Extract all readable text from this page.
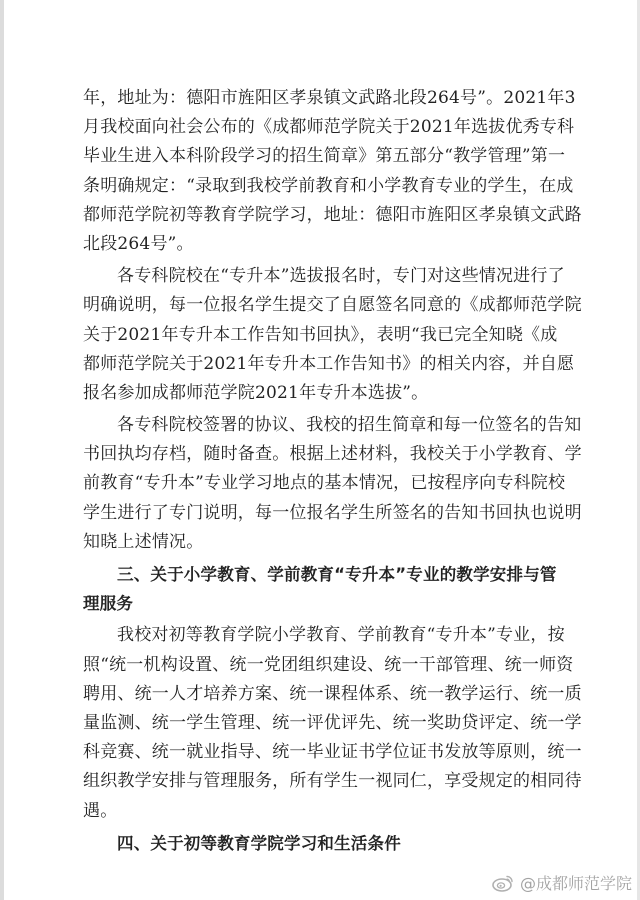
年，地址为：德阳市旌阳区孝泉镇文武路北段264号”。2021年3
月我校面向社会公布的《成都师范学院关于2021年选拔优秀专科
毕业生进入本科阶段学习的招生简章》第五部分“教学管理”第一
条明确规定：“录取到我校学前教育和小学教育专业的学生，在成
都师范学院初等教育学院学习，地址：德阳市旌阳区孝泉镇文武路
北段264号”。
各专科院校在“专升本”选拔报名时，专门对这些情况进行了
明确说明，每一位报名学生提交了自愿签名同意的《成都师范学院
关于2021年专升本工作告知书回执》，表明“我已完全知晓《成
都师范学院关于2021年专升本工作告知书》的相关内容，并自愿
报名参加成都师范学院2021年专升本选拔”。
各专科院校签署的协议、我校的招生简章和每一位签名的告知
书回执均存档，随时备查。根据上述材料，我校关于小学教育、学
前教育“专升本”专业学习地点的基本情况，已按程序向专科院校
学生进行了专门说明，每一位报名学生所签名的告知书回执也说明
知晓上述情况。
三、关于小学教育、学前教育“专升本”专业的教学安排与管
理服务
我校对初等教育学院小学教育、学前教育“专升本”专业，按
照“统一机构设置、统一党团组织建设、统一干部管理、统一师资
聘用、统一人才培养方案、统一课程体系、统一教学运行、统一质
量监测、统一学生管理、统一评优评先、统一奖助贷评定、统一学
科竞赛、统一就业指导、统一毕业证书学位证书发放等原则，统一
组织教学安排与管理服务，所有学生一视同仁，享受规定的相同待
遇。
四、关于初等教育学院学习和生活条件
@成都师范学院
